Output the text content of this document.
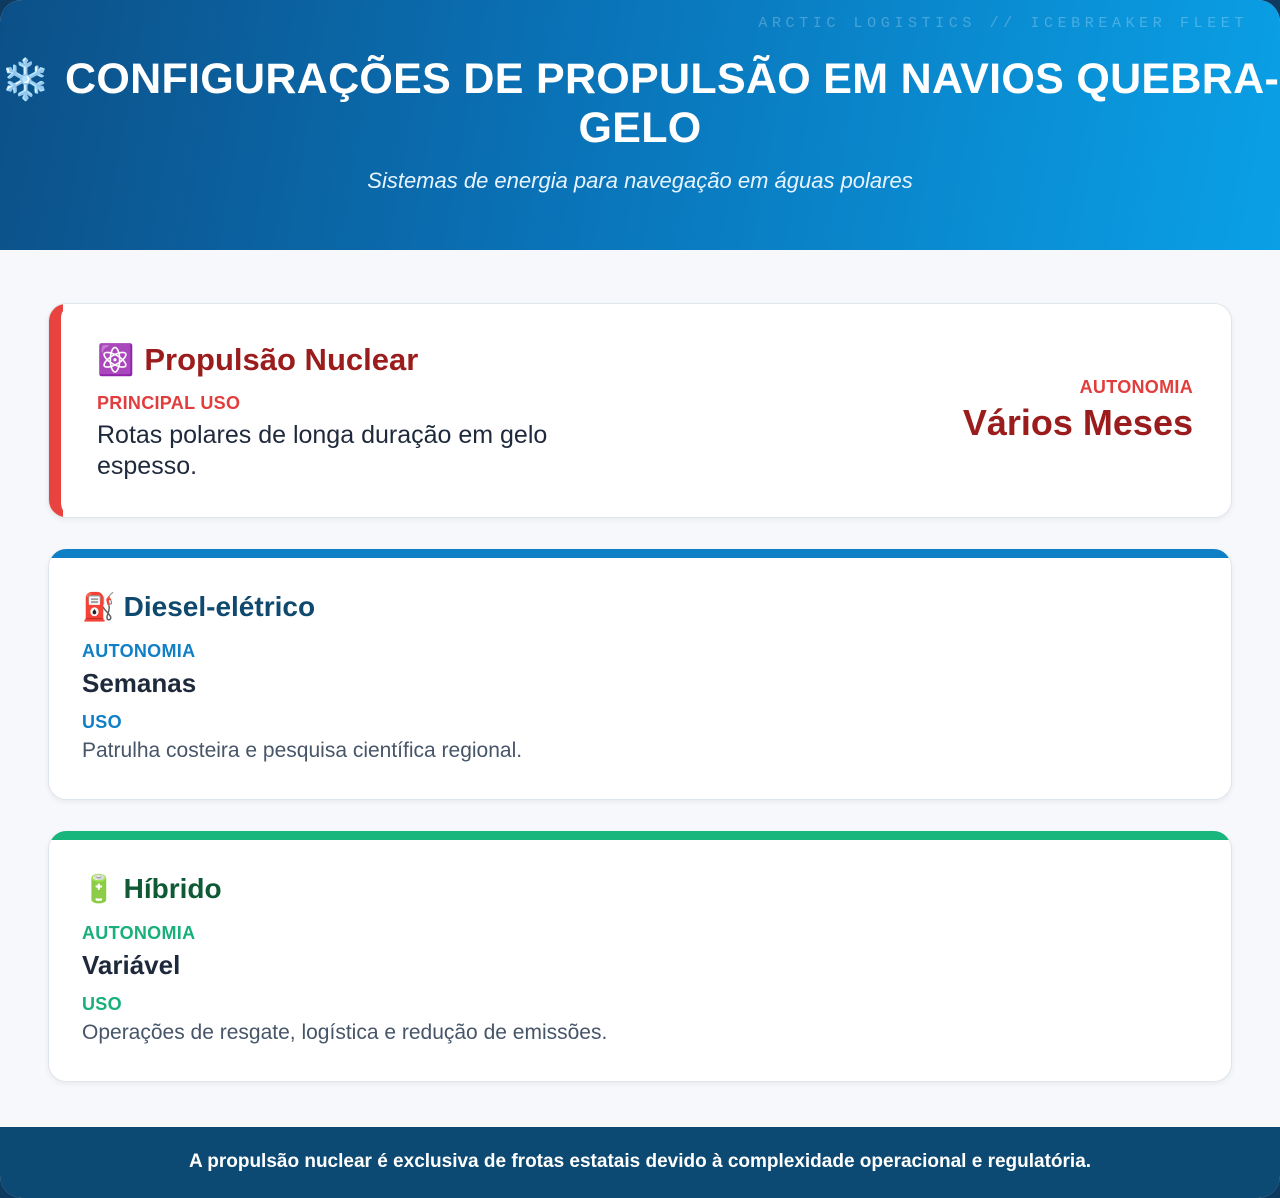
ARCTIC LOGISTICS // ICEBREAKER FLEET
❄️ CONFIGURAÇÕES DE PROPULSÃO EM NAVIOS QUEBRA-GELO
Sistemas de energia para navegação em águas polares
⚛️ Propulsão Nuclear
PRINCIPAL USO
Rotas polares de longa duração em gelo espesso.
AUTONOMIA
Vários Meses
⛽ Diesel-elétrico
AUTONOMIA
Semanas
USO
Patrulha costeira e pesquisa científica regional.
🔋 Híbrido
AUTONOMIA
Variável
USO
Operações de resgate, logística e redução de emissões.
A propulsão nuclear é exclusiva de frotas estatais devido à complexidade operacional e regulatória.
